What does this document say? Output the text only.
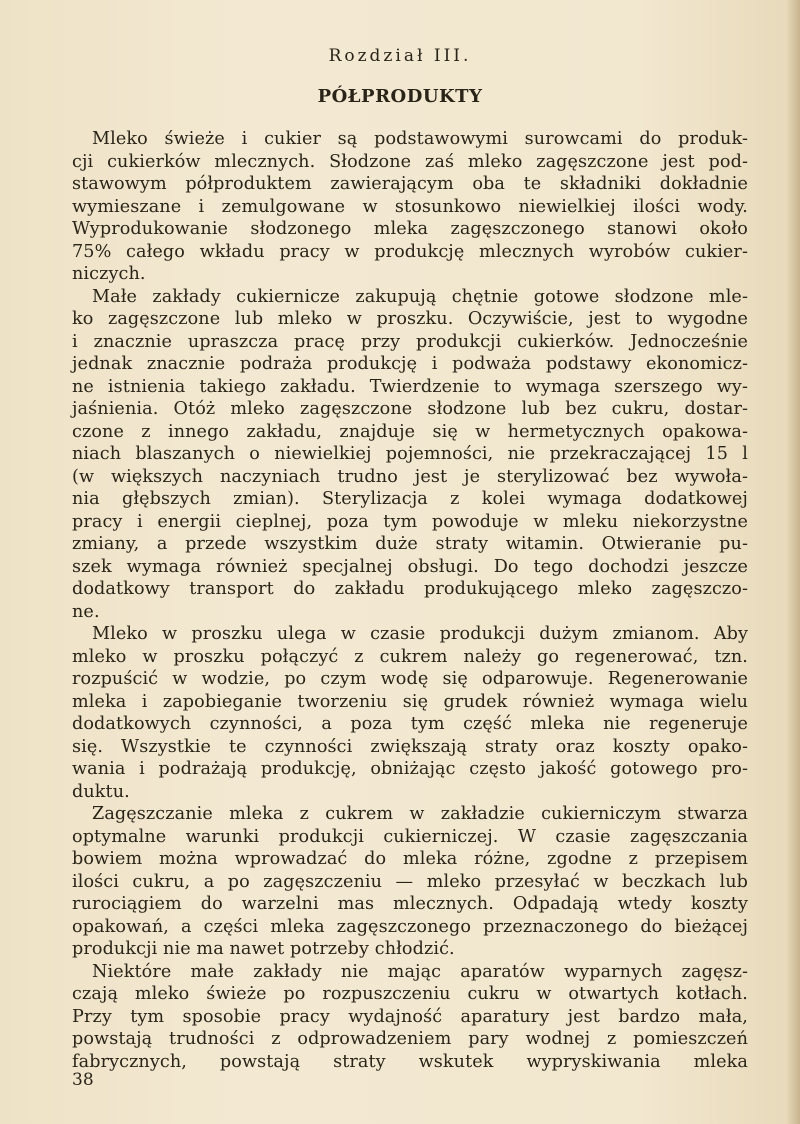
Rozdział III.
PÓŁPRODUKTY
Mleko świeże i cukier są podstawowymi surowcami do produk-
cji cukierków mlecznych. Słodzone zaś mleko zagęszczone jest pod-
stawowym półproduktem zawierającym oba te składniki dokładnie
wymieszane i zemulgowane w stosunkowo niewielkiej ilości wody.
Wyprodukowanie słodzonego mleka zagęszczonego stanowi około
75% całego wkładu pracy w produkcję mlecznych wyrobów cukier-
niczych.
Małe zakłady cukiernicze zakupują chętnie gotowe słodzone mle-
ko zagęszczone lub mleko w proszku. Oczywiście, jest to wygodne
i znacznie upraszcza pracę przy produkcji cukierków. Jednocześnie
jednak znacznie podraża produkcję i podważa podstawy ekonomicz-
ne istnienia takiego zakładu. Twierdzenie to wymaga szerszego wy-
jaśnienia. Otóż mleko zagęszczone słodzone lub bez cukru, dostar-
czone z innego zakładu, znajduje się w hermetycznych opakowa-
niach blaszanych o niewielkiej pojemności, nie przekraczającej 15 l
(w większych naczyniach trudno jest je sterylizować bez wywoła-
nia głębszych zmian). Sterylizacja z kolei wymaga dodatkowej
pracy i energii cieplnej, poza tym powoduje w mleku niekorzystne
zmiany, a przede wszystkim duże straty witamin. Otwieranie pu-
szek wymaga również specjalnej obsługi. Do tego dochodzi jeszcze
dodatkowy transport do zakładu produkującego mleko zagęszczo-
ne.
Mleko w proszku ulega w czasie produkcji dużym zmianom. Aby
mleko w proszku połączyć z cukrem należy go regenerować, tzn.
rozpuścić w wodzie, po czym wodę się odparowuje. Regenerowanie
mleka i zapobieganie tworzeniu się grudek również wymaga wielu
dodatkowych czynności, a poza tym część mleka nie regeneruje
się. Wszystkie te czynności zwiększają straty oraz koszty opako-
wania i podrażają produkcję, obniżając często jakość gotowego pro-
duktu.
Zagęszczanie mleka z cukrem w zakładzie cukierniczym stwarza
optymalne warunki produkcji cukierniczej. W czasie zagęszczania
bowiem można wprowadzać do mleka różne, zgodne z przepisem
ilości cukru, a po zagęszczeniu — mleko przesyłać w beczkach lub
rurociągiem do warzelni mas mlecznych. Odpadają wtedy koszty
opakowań, a części mleka zagęszczonego przeznaczonego do bieżącej
produkcji nie ma nawet potrzeby chłodzić.
Niektóre małe zakłady nie mając aparatów wyparnych zagęsz-
czają mleko świeże po rozpuszczeniu cukru w otwartych kotłach.
Przy tym sposobie pracy wydajność aparatury jest bardzo mała,
powstają trudności z odprowadzeniem pary wodnej z pomieszczeń
fabrycznych, powstają straty wskutek wypryskiwania mleka
38
